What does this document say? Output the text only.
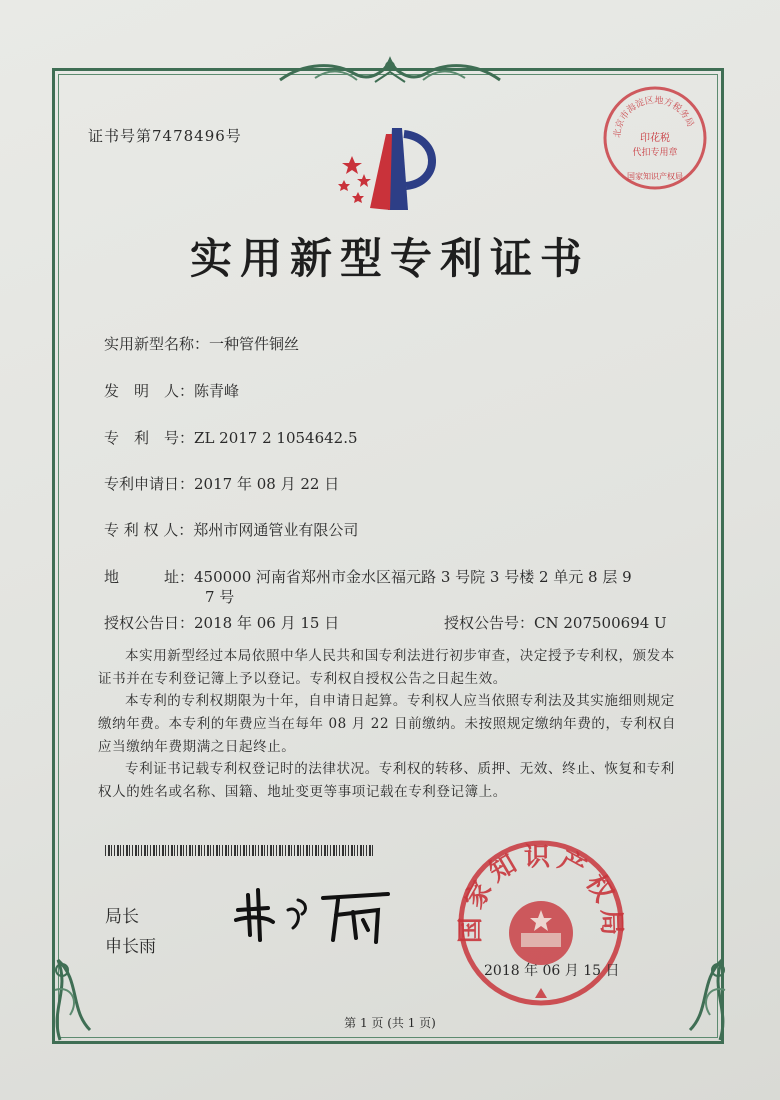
证书号第7478496号
实用新型专利证书
北京市海淀区地方税务局
印花税
代扣专用章
国家知识产权局
实用新型名称：一种管件铜丝
发　明　人：陈青峰
专　利　号：ZL 2017 2 1054642.5
专利申请日：2017 年 08 月 22 日
专 利 权 人：郑州市网通管业有限公司
地　　　址：450000 河南省郑州市金水区福元路 3 号院 3 号楼 2 单元 8 层 9
7 号
授权公告日：2018 年 06 月 15 日	授权公告号：CN 207500694 U
本实用新型经过本局依照中华人民共和国专利法进行初步审查，决定授予专利权，颁发本证书并在专利登记簿上予以登记。专利权自授权公告之日起生效。
本专利的专利权期限为十年，自申请日起算。专利权人应当依照专利法及其实施细则规定缴纳年费。本专利的年费应当在每年 08 月 22 日前缴纳。未按照规定缴纳年费的，专利权自应当缴纳年费期满之日起终止。
专利证书记载专利权登记时的法律状况。专利权的转移、质押、无效、终止、恢复和专利权人的姓名或名称、国籍、地址变更等事项记载在专利登记簿上。
局长
申长雨
国家知识产权局
2018 年 06 月 15 日
第 1 页 (共 1 页)
